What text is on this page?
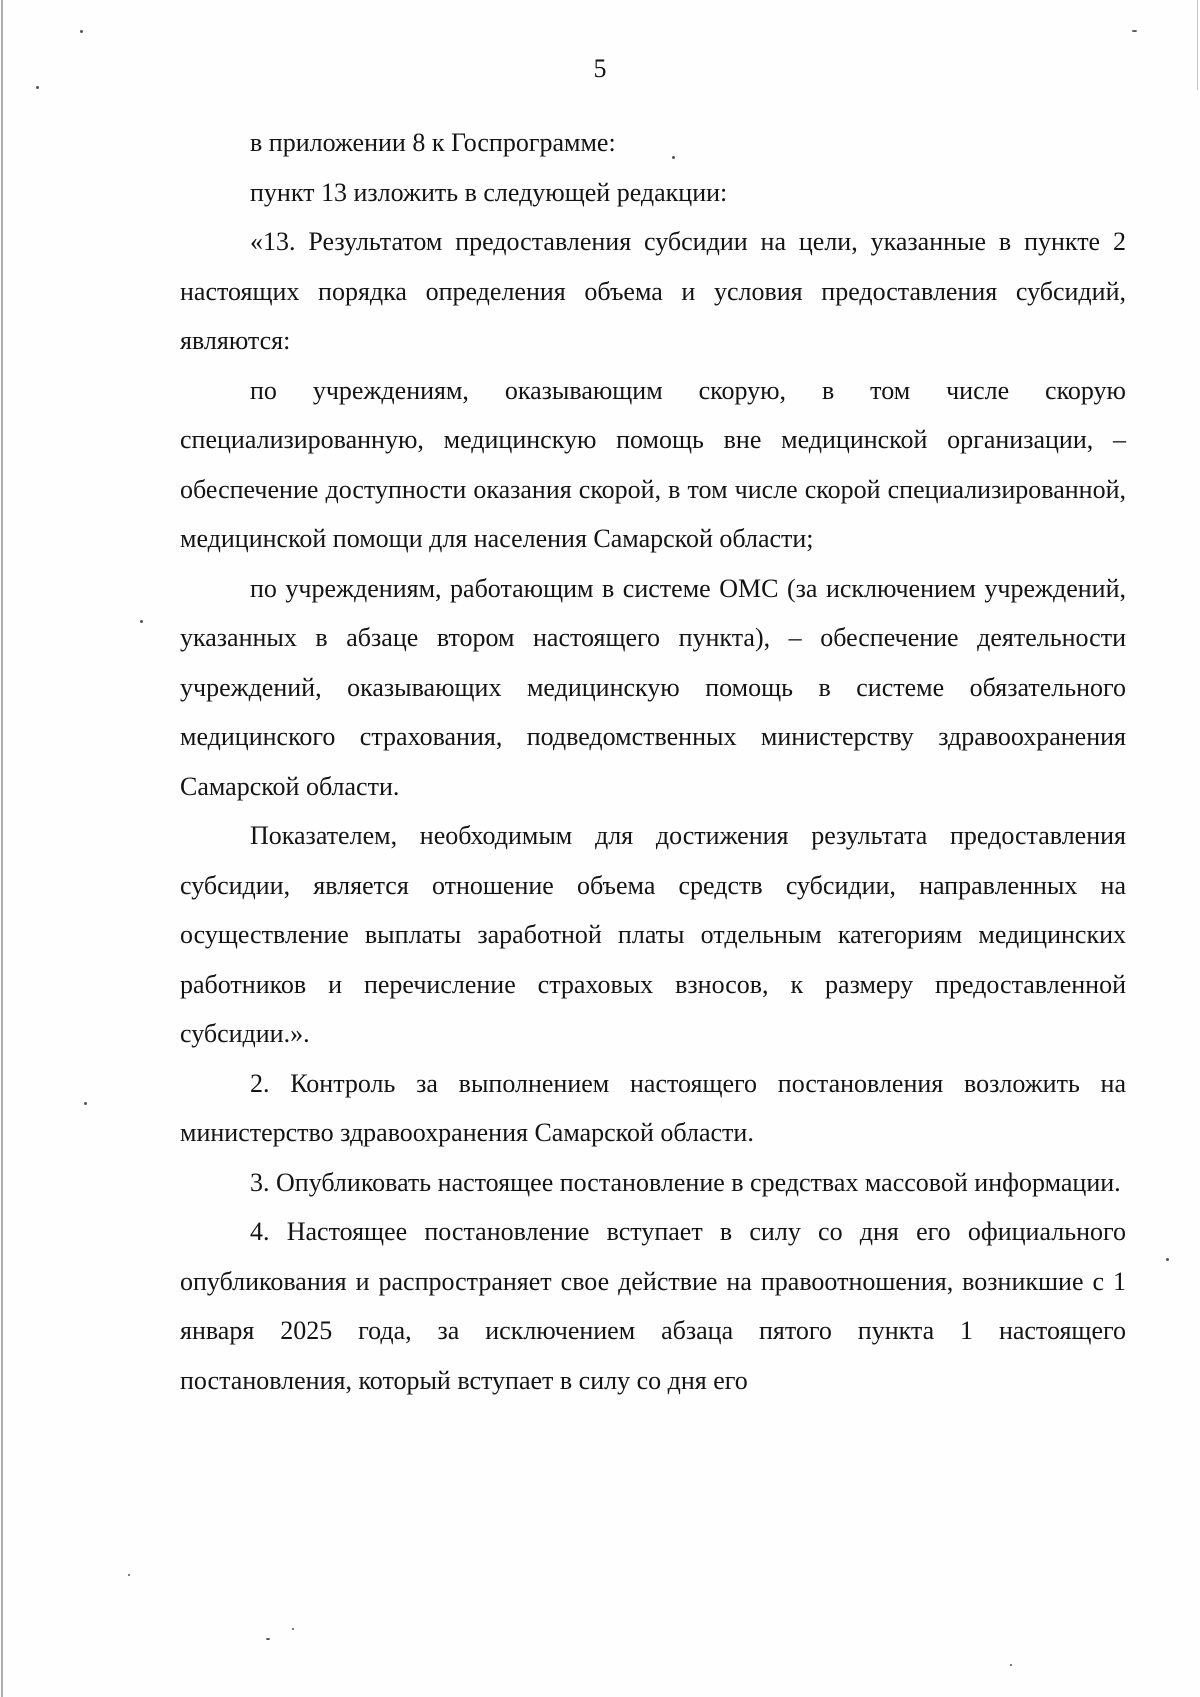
5

в приложении 8 к Госпрограмме:

пункт 13 изложить в следующей редакции:

«13. Результатом предоставления субсидии на цели, указанные в пункте 2 настоящих порядка определения объема и условия предоставления субсидий, являются:

по учреждениям, оказывающим скорую, в том числе скорую специализированную, медицинскую помощь вне медицинской организации, – обеспечение доступности оказания скорой, в том числе скорой специализированной, медицинской помощи для населения Самарской области;

по учреждениям, работающим в системе ОМС (за исключением учреждений, указанных в абзаце втором настоящего пункта), – обеспечение деятельности учреждений, оказывающих медицинскую помощь в системе обязательного медицинского страхования, подведомственных министерству здравоохранения Самарской области.

Показателем, необходимым для достижения результата предоставления субсидии, является отношение объема средств субсидии, направленных на осуществление выплаты заработной платы отдельным категориям медицинских работников и перечисление страховых взносов, к размеру предоставленной субсидии.».

2. Контроль за выполнением настоящего постановления возложить на министерство здравоохранения Самарской области.

3. Опубликовать настоящее постановление в средствах массовой информации.

4. Настоящее постановление вступает в силу со дня его официального опубликования и распространяет свое действие на правоотношения, возникшие с 1 января 2025 года, за исключением абзаца пятого пункта 1 настоящего постановления, который вступает в силу со дня его
